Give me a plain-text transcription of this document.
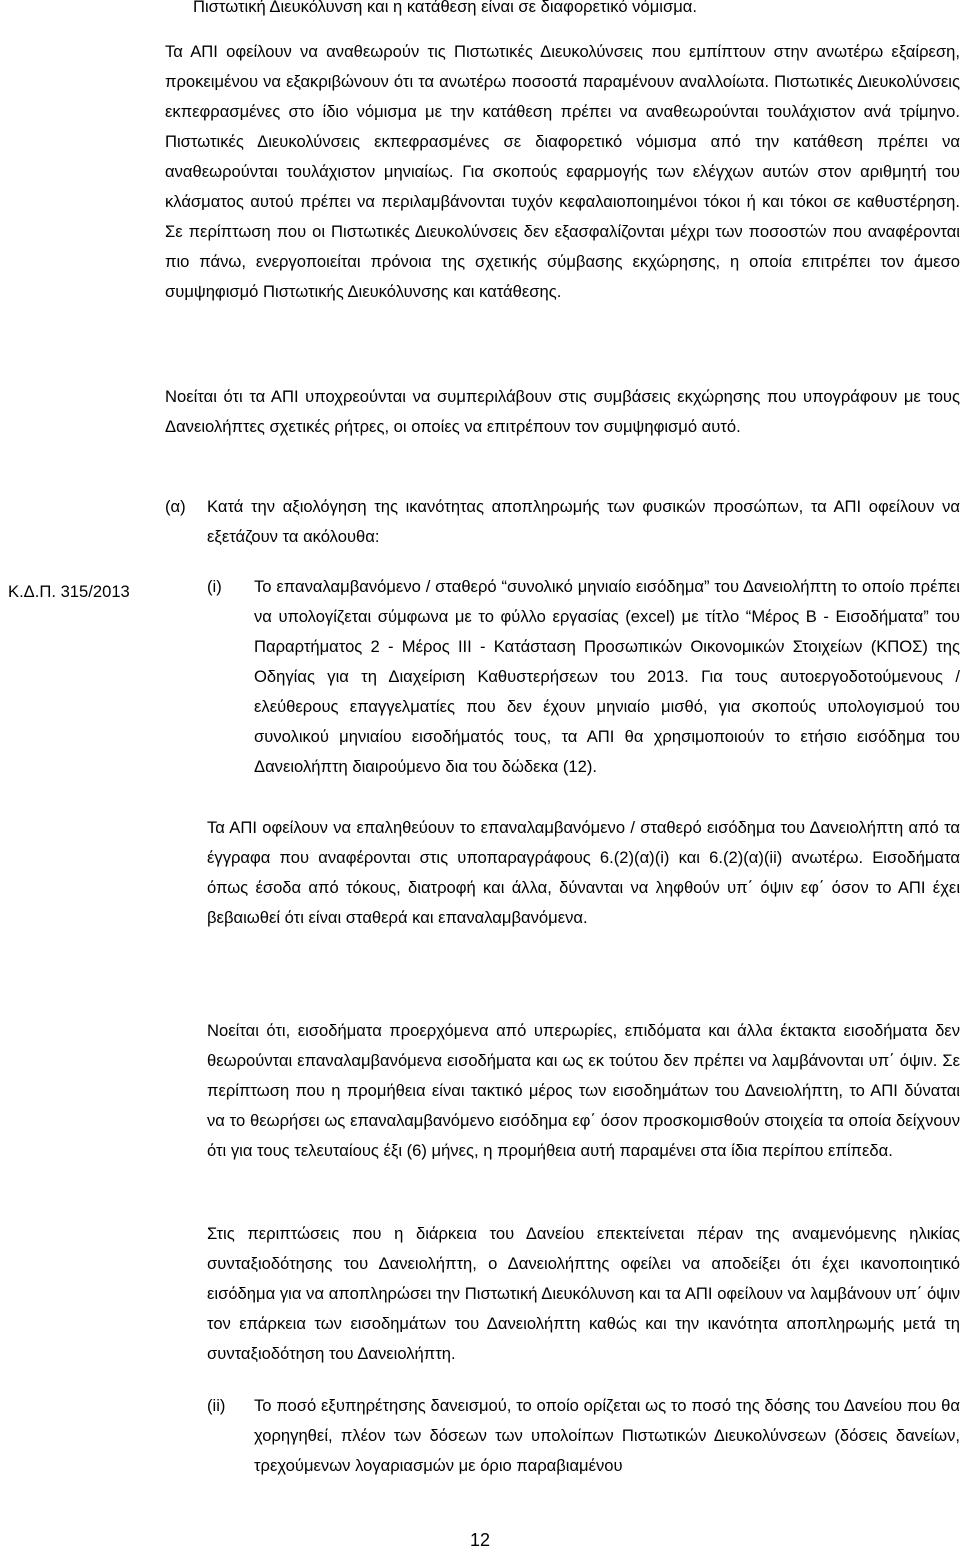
Πιστωτική Διευκόλυνση και η κατάθεση είναι σε διαφορετικό νόμισμα.

Τα ΑΠΙ οφείλουν να αναθεωρούν τις Πιστωτικές Διευκολύνσεις που εμπίπτουν στην ανωτέρω εξαίρεση, προκειμένου να εξακριβώνουν ότι τα ανωτέρω ποσοστά παραμένουν αναλλοίωτα. Πιστωτικές Διευκολύνσεις εκπεφρασμένες στο ίδιο νόμισμα με την κατάθεση πρέπει να αναθεωρούνται τουλάχιστον ανά τρίμηνο. Πιστωτικές Διευκολύνσεις εκπεφρασμένες σε διαφορετικό νόμισμα από την κατάθεση πρέπει να αναθεωρούνται τουλάχιστον μηνιαίως. Για σκοπούς εφαρμογής των ελέγχων αυτών στον αριθμητή του κλάσματος αυτού πρέπει να περιλαμβάνονται τυχόν κεφαλαιοποιημένοι τόκοι ή και τόκοι σε καθυστέρηση. Σε περίπτωση που οι Πιστωτικές Διευκολύνσεις δεν εξασφαλίζονται μέχρι των ποσοστών που αναφέρονται πιο πάνω, ενεργοποιείται πρόνοια της σχετικής σύμβασης εκχώρησης, η οποία επιτρέπει τον άμεσο συμψηφισμό Πιστωτικής Διευκόλυνσης και κατάθεσης.

Νοείται ότι τα ΑΠΙ υποχρεούνται να συμπεριλάβουν στις συμβάσεις εκχώρησης που υπογράφουν με τους Δανειολήπτες σχετικές ρήτρες, οι οποίες να επιτρέπουν τον συμψηφισμό αυτό.

(α)	Κατά την αξιολόγηση της ικανότητας αποπληρωμής των φυσικών προσώπων, τα ΑΠΙ οφείλουν να εξετάζουν τα ακόλουθα:
Κ.Δ.Π. 315/2013	(i)	Το επαναλαμβανόμενο / σταθερό “συνολικό μηνιαίο εισόδημα” του Δανειολήπτη το οποίο πρέπει να υπολογίζεται σύμφωνα με το φύλλο εργασίας (excel) με τίτλο “Μέρος Β - Εισοδήματα” του Παραρτήματος 2 - Μέρος ΙΙΙ - Κατάσταση Προσωπικών Οικονομικών Στοιχείων (ΚΠΟΣ) της Οδηγίας για τη Διαχείριση Καθυστερήσεων του 2013. Για τους αυτοεργοδοτούμενους / ελεύθερους επαγγελματίες που δεν έχουν μηνιαίο μισθό, για σκοπούς υπολογισμού του συνολικού μηνιαίου εισοδήματός τους, τα ΑΠΙ θα χρησιμοποιούν το ετήσιο εισόδημα του Δανειολήπτη διαιρούμενο δια του δώδεκα (12).

Τα ΑΠΙ οφείλουν να επαληθεύουν το επαναλαμβανόμενο / σταθερό εισόδημα του Δανειολήπτη από τα έγγραφα που αναφέρονται στις υποπαραγράφους 6.(2)(α)(i) και 6.(2)(α)(ii) ανωτέρω. Εισοδήματα όπως έσοδα από τόκους, διατροφή και άλλα, δύνανται να ληφθούν υπ΄ όψιν εφ΄ όσον το ΑΠΙ έχει βεβαιωθεί ότι είναι σταθερά και επαναλαμβανόμενα.

Νοείται ότι, εισοδήματα προερχόμενα από υπερωρίες, επιδόματα και άλλα έκτακτα εισοδήματα δεν θεωρούνται επαναλαμβανόμενα εισοδήματα και ως εκ τούτου δεν πρέπει να λαμβάνονται υπ΄ όψιν. Σε περίπτωση που η προμήθεια είναι τακτικό μέρος των εισοδημάτων του Δανειολήπτη, το ΑΠΙ δύναται να το θεωρήσει ως επαναλαμβανόμενο εισόδημα εφ΄ όσον προσκομισθούν στοιχεία τα οποία δείχνουν ότι για τους τελευταίους έξι (6) μήνες, η προμήθεια αυτή παραμένει στα ίδια περίπου επίπεδα.

Στις περιπτώσεις που η διάρκεια του Δανείου επεκτείνεται πέραν της αναμενόμενης ηλικίας συνταξιοδότησης του Δανειολήπτη, ο Δανειολήπτης οφείλει να αποδείξει ότι έχει ικανοποιητικό εισόδημα για να αποπληρώσει την Πιστωτική Διευκόλυνση και τα ΑΠΙ οφείλουν να λαμβάνουν υπ΄ όψιν τον επάρκεια των εισοδημάτων του Δανειολήπτη καθώς και την ικανότητα αποπληρωμής μετά τη συνταξιοδότηση του Δανειολήπτη.

(ii)	Το ποσό εξυπηρέτησης δανεισμού, το οποίο ορίζεται ως το ποσό της δόσης του Δανείου που θα χορηγηθεί, πλέον των δόσεων των υπολοίπων Πιστωτικών Διευκολύνσεων (δόσεις δανείων, τρεχούμενων λογαριασμών με όριο παραβιαμένου
12
